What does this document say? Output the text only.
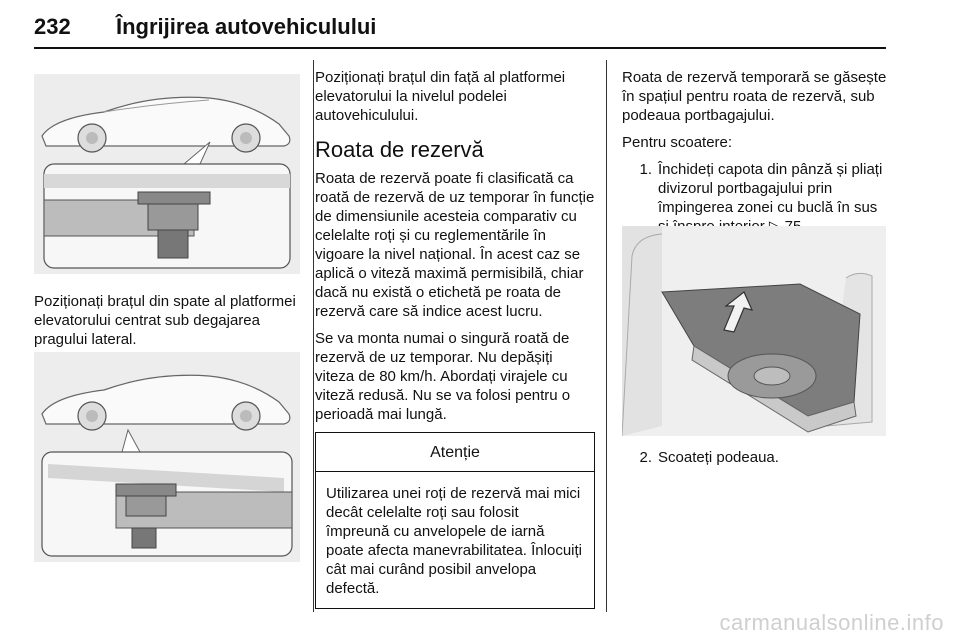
232 Îngrijirea autovehiculului

Poziționați brațul din spate al platformei elevatorului centrat sub degajarea pragului lateral.

Poziționați brațul din față al platformei elevatorului la nivelul podelei autovehiculului.

Roata de rezervă

Roata de rezervă poate fi clasificată ca roată de rezervă de uz temporar în funcție de dimensiunile acesteia comparativ cu celelalte roți și cu reglementările în vigoare la nivel național. În acest caz se aplică o viteză maximă permisibilă, chiar dacă nu există o etichetă pe roata de rezervă care să indice acest lucru.

Se va monta numai o singură roată de rezervă de uz temporar. Nu depășiți viteza de 80 km/h. Abordați virajele cu viteză redusă. Nu se va folosi pentru o perioadă mai lungă.

Atenție
Utilizarea unei roți de rezervă mai mici decât celelalte roți sau folosit împreună cu anvelopele de iarnă poate afecta manevrabilitatea. Înlocuiți cât mai curând posibil anvelopa defectă.

Roata de rezervă temporară se găsește în spațiul pentru roata de rezervă, sub podeaua portbagajului.

Pentru scoatere:

1. Închideți capota din pânză și pliați divizorul portbagajului prin împingerea zonei cu buclă în sus
2. Scoateți podeaua.
carmanualsonline.info
